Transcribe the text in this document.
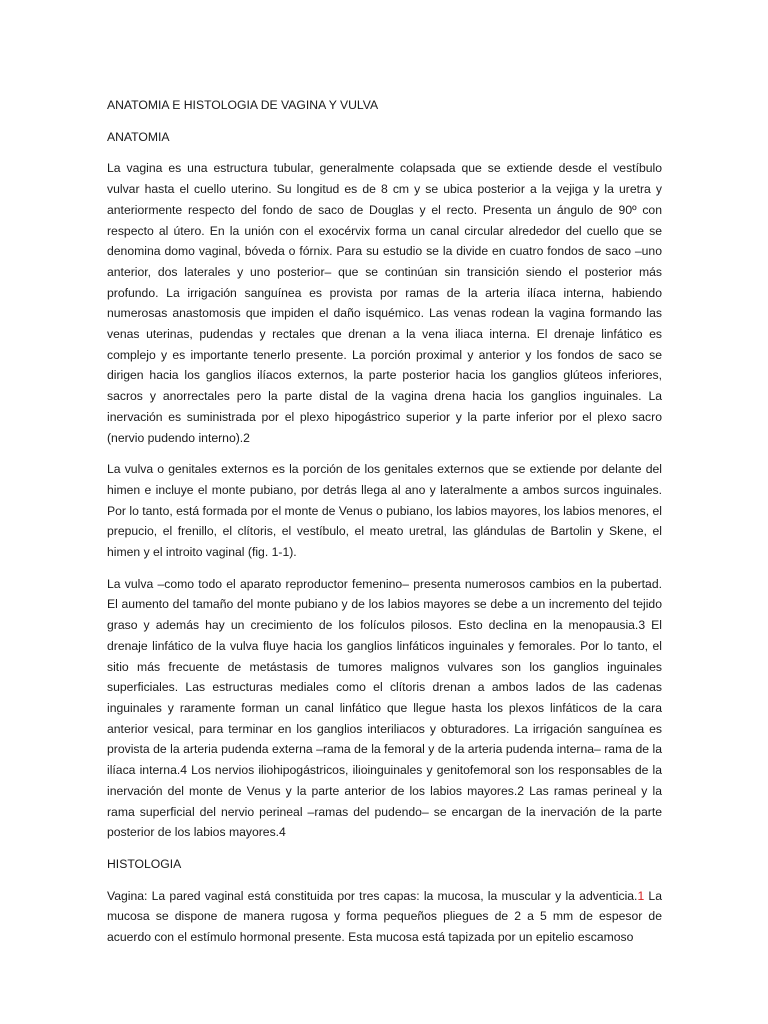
ANATOMIA E HISTOLOGIA DE VAGINA Y VULVA
ANATOMIA

La vagina es una estructura tubular, generalmente colapsada que se extiende desde el vestíbulo vulvar hasta el cuello uterino. Su longitud es de 8 cm y se ubica posterior a la vejiga y la uretra y anteriormente respecto del fondo de saco de Douglas y el recto. Presenta un ángulo de 90º con respecto al útero. En la unión con el exocérvix forma un canal circular alrededor del cuello que se denomina domo vaginal, bóveda o fórnix. Para su estudio se la divide en cuatro fondos de saco –uno anterior, dos laterales y uno posterior– que se continúan sin transición siendo el posterior más profundo. La irrigación sanguínea es provista por ramas de la arteria ilíaca interna, habiendo numerosas anastomosis que impiden el daño isquémico. Las venas rodean la vagina formando las venas uterinas, pudendas y rectales que drenan a la vena iliaca interna. El drenaje linfático es complejo y es importante tenerlo presente. La porción proximal y anterior y los fondos de saco se dirigen hacia los ganglios ilíacos externos, la parte posterior hacia los ganglios glúteos inferiores, sacros y anorrectales pero la parte distal de la vagina drena hacia los ganglios inguinales. La inervación es suministrada por el plexo hipogástrico superior y la parte inferior por el plexo sacro (nervio pudendo interno).2

La vulva o genitales externos es la porción de los genitales externos que se extiende por delante del himen e incluye el monte pubiano, por detrás llega al ano y lateralmente a ambos surcos inguinales. Por lo tanto, está formada por el monte de Venus o pubiano, los labios mayores, los labios menores, el prepucio, el frenillo, el clítoris, el vestíbulo, el meato uretral, las glándulas de Bartolin y Skene, el himen y el introito vaginal (fig. 1-1).

La vulva –como todo el aparato reproductor femenino– presenta numerosos cambios en la pubertad. El aumento del tamaño del monte pubiano y de los labios mayores se debe a un incremento del tejido graso y además hay un crecimiento de los folículos pilosos. Esto declina en la menopausia.3 El drenaje linfático de la vulva fluye hacia los ganglios linfáticos inguinales y femorales. Por lo tanto, el sitio más frecuente de metástasis de tumores malignos vulvares son los ganglios inguinales superficiales. Las estructuras mediales como el clítoris drenan a ambos lados de las cadenas inguinales y raramente forman un canal linfático que llegue hasta los plexos linfáticos de la cara anterior vesical, para terminar en los ganglios interiliacos y obturadores. La irrigación sanguínea es provista de la arteria pudenda externa –rama de la femoral y de la arteria pudenda interna– rama de la ilíaca interna.4 Los nervios iliohipogástricos, ilioinguinales y genitofemoral son los responsables de la inervación del monte de Venus y la parte anterior de los labios mayores.2 Las ramas perineal y la rama superficial del nervio perineal –ramas del pudendo– se encargan de la inervación de la parte posterior de los labios mayores.4

HISTOLOGIA

Vagina: La pared vaginal está constituida por tres capas: la mucosa, la muscular y la adventicia.1 La mucosa se dispone de manera rugosa y forma pequeños pliegues de 2 a 5 mm de espesor de acuerdo con el estímulo hormonal presente. Esta mucosa está tapizada por un epitelio escamoso
